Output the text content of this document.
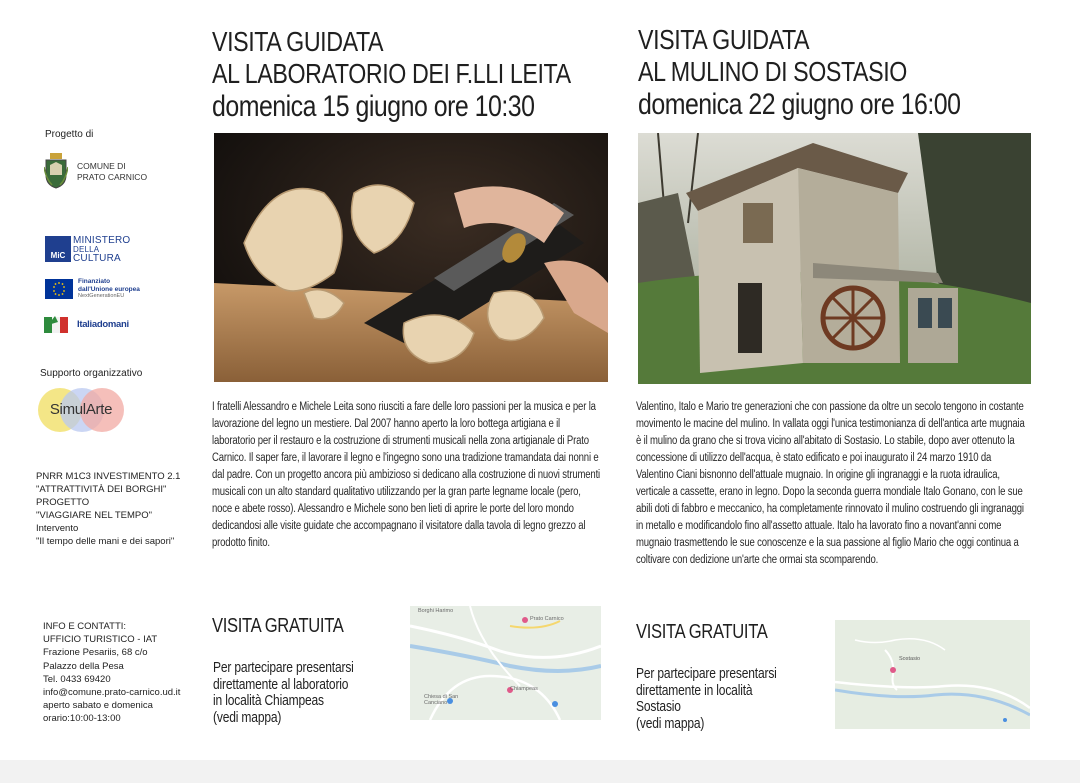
Progetto di
COMUNE DI
PRATO CARNICO
MiC
MINISTERO
DELLA
CULTURA
Finanziato
dall'Unione europea
NextGenerationEU
Italiadomani
Supporto organizzativo
SimulArte
PNRR M1C3 INVESTIMENTO 2.1
"ATTRATTIVITÀ DEI BORGHI"
PROGETTO
"VIAGGIARE NEL TEMPO"
Intervento
"Il tempo delle mani e dei sapori"
INFO E CONTATTI:
UFFICIO TURISTICO - IAT
Frazione Pesariis, 68 c/o
Palazzo della Pesa
Tel. 0433 69420
info@comune.prato-carnico.ud.it
aperto sabato e domenica
orario:10:00-13:00
VISITA GUIDATA
AL LABORATORIO DEI F.LLI LEITA
domenica 15 giugno ore 10:30
I fratelli Alessandro e Michele Leita sono riusciti a fare delle loro passioni per la musica e per la lavorazione del legno un mestiere. Dal 2007 hanno aperto la loro bottega artigiana e il laboratorio per il restauro e la costruzione di strumenti musicali nella zona artigianale di Prato Carnico. Il saper fare, il lavorare il legno e l'ingegno sono una tradizione tramandata dai nonni e dal padre. Con un progetto ancora più ambizioso si dedicano alla costruzione di nuovi strumenti musicali con un alto standard qualitativo utilizzando per la gran parte legname locale (pero, noce e abete rosso). Alessandro e Michele sono ben lieti di aprire le porte del loro mondo dedicandosi alle visite guidate che accompagnano il visitatore dalla tavola di legno grezzo al prodotto finito.
VISITA GRATUITA
Per partecipare presentarsi
direttamente al laboratorio
in località Chiampeas
(vedi mappa)
Borghi Harimo
Chiampeas
Prato Carnico
Chiesa di San Canciano
VISITA GUIDATA
AL MULINO DI SOSTASIO
domenica 22 giugno ore 16:00
Valentino, Italo e Mario tre generazioni che con passione da oltre un secolo tengono in costante movimento le macine del mulino. In vallata oggi l'unica testimonianza di dell'antica arte mugnaia è il mulino da grano che si trova vicino all'abitato di Sostasio. Lo stabile, dopo aver ottenuto la concessione di utilizzo dell'acqua, è stato edificato e poi inaugurato il 24 marzo 1910 da Valentino Ciani bisnonno dell'attuale mugnaio. In origine gli ingranaggi e la ruota idraulica, verticale a cassette, erano in legno. Dopo la seconda guerra mondiale Italo Gonano, con le sue abili doti di fabbro e meccanico, ha completamente rinnovato il mulino costruendo gli ingranaggi in metallo e modificandolo fino all'assetto attuale. Italo ha lavorato fino a novant'anni come mugnaio trasmettendo le sue conoscenze e la sua passione al figlio Mario che oggi continua a coltivare con dedizione un'arte che ormai sta scomparendo.
VISITA GRATUITA
Per partecipare presentarsi
direttamente in località
Sostasio
(vedi mappa)
Sostasio
